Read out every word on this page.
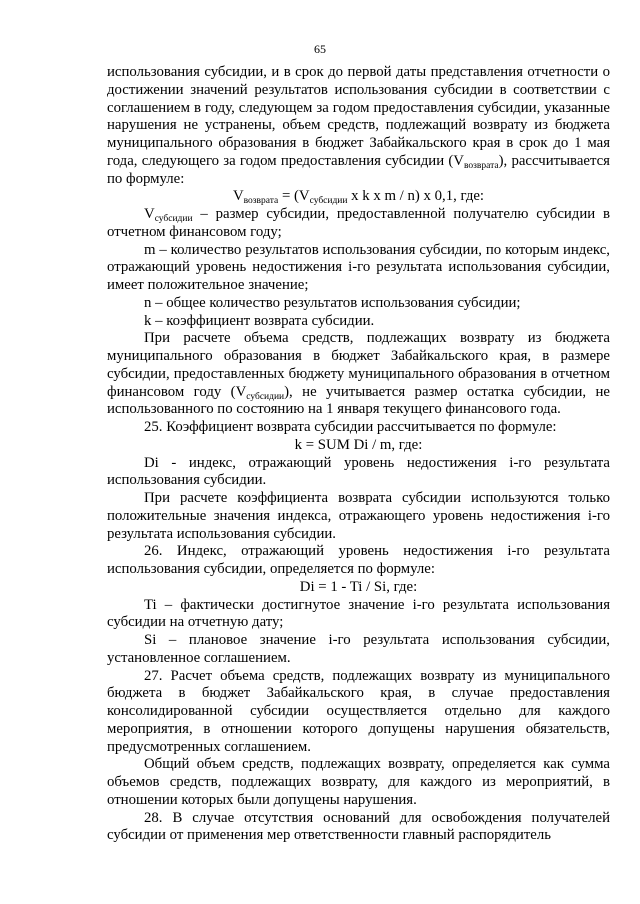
65

использования субсидии, и в срок до первой даты представления отчетности о достижении значений результатов использования субсидии в соответствии с соглашением в году, следующем за годом предоставления субсидии, указанные нарушения не устранены, объем средств, подлежащий возврату из бюджета муниципального образования в бюджет Забайкальского края в срок до 1 мая года, следующего за годом предоставления субсидии $(V_{возврата})$, рассчитывается по формуле:

$V_{возврата} = (V_{субсидии}$ x k x m / n) x 0,1, где:

$V_{субсидии}$ – размер субсидии, предоставленной получателю субсидии в отчетном финансовом году;

m – количество результатов использования субсидии, по которым индекс, отражающий уровень недостижения i-го результата использования субсидии, имеет положительное значение;

n – общее количество результатов использования субсидии;

k – коэффициент возврата субсидии.

При расчете объема средств, подлежащих возврату из бюджета муниципального образования в бюджет Забайкальского края, в размере субсидии, предоставленных бюджету муниципального образования в отчетном финансовом году $(V_{субсидии})$, не учитывается размер остатка субсидии, не использованного по состоянию на 1 января текущего финансового года.

25. Коэффициент возврата субсидии рассчитывается по формуле:

k = SUM Di / m, где:

Di - индекс, отражающий уровень недостижения i-го результата использования субсидии.

При расчете коэффициента возврата субсидии используются только положительные значения индекса, отражающего уровень недостижения i-го результата использования субсидии.

26. Индекс, отражающий уровень недостижения i-го результата использования субсидии, определяется по формуле:

Di = 1 - Ti / Si, где:

Ti – фактически достигнутое значение i-го результата использования субсидии на отчетную дату;

Si – плановое значение i-го результата использования субсидии, установленное соглашением.

27. Расчет объема средств, подлежащих возврату из муниципального бюджета в бюджет Забайкальского края, в случае предоставления консолидированной субсидии осуществляется отдельно для каждого мероприятия, в отношении которого допущены нарушения обязательств, предусмотренных соглашением.

Общий объем средств, подлежащих возврату, определяется как сумма объемов средств, подлежащих возврату, для каждого из мероприятий, в отношении которых были допущены нарушения.

28. В случае отсутствия оснований для освобождения получателей субсидии от применения мер ответственности главный распорядитель
